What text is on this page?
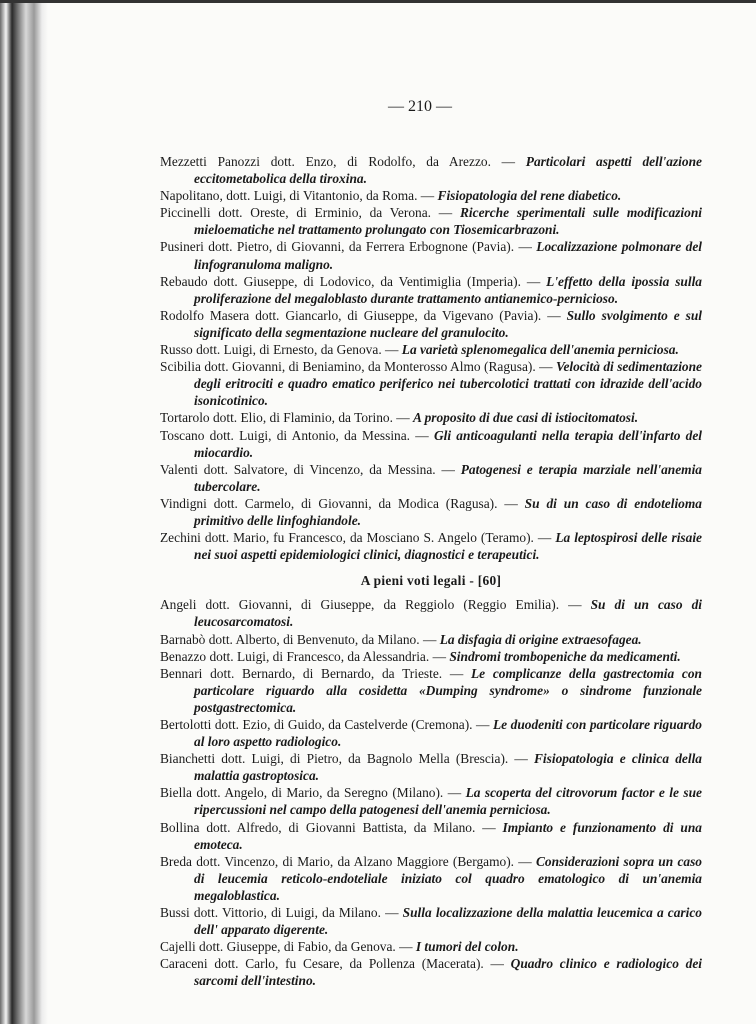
— 210 —
Mezzetti Panozzi dott. Enzo, di Rodolfo, da Arezzo. — Particolari aspetti dell'azione eccitometabolica della tiroxina.
Napolitano, dott. Luigi, di Vitantonio, da Roma. — Fisiopatologia del rene diabetico.
Piccinelli dott. Oreste, di Erminio, da Verona. — Ricerche sperimentali sulle modificazioni mieloematiche nel trattamento prolungato con Tiosemicarbrazoni.
Pusineri dott. Pietro, di Giovanni, da Ferrera Erbognone (Pavia). — Localizzazione polmonare del linfogranuloma maligno.
Rebaudo dott. Giuseppe, di Lodovico, da Ventimiglia (Imperia). — L'effetto della ipossia sulla proliferazione del megaloblasto durante trattamento antianemico-pernicioso.
Rodolfo Masera dott. Giancarlo, di Giuseppe, da Vigevano (Pavia). — Sullo svolgimento e sul significato della segmentazione nucleare del granulocito.
Russo dott. Luigi, di Ernesto, da Genova. — La varietà splenomegalica dell'anemia perniciosa.
Scibilia dott. Giovanni, di Beniamino, da Monterosso Almo (Ragusa). — Velocità di sedimentazione degli eritrociti e quadro ematico periferico nei tubercolotici trattati con idrazide dell'acido isonicotinico.
Tortarolo dott. Elio, di Flaminio, da Torino. — A proposito di due casi di istiocitomatosi.
Toscano dott. Luigi, di Antonio, da Messina. — Gli anticoagulanti nella terapia dell'infarto del miocardio.
Valenti dott. Salvatore, di Vincenzo, da Messina. — Patogenesi e terapia marziale nell'anemia tubercolare.
Vindigni dott. Carmelo, di Giovanni, da Modica (Ragusa). — Su di un caso di endotelioma primitivo delle linfoghiandole.
Zechini dott. Mario, fu Francesco, da Mosciano S. Angelo (Teramo). — La leptospirosi delle risaie nei suoi aspetti epidemiologici clinici, diagnostici e terapeutici.
A pieni voti legali - [60]
Angeli dott. Giovanni, di Giuseppe, da Reggiolo (Reggio Emilia). — Su di un caso di leucosarcomatosi.
Barnabò dott. Alberto, di Benvenuto, da Milano. — La disfagia di origine extraesofagea.
Benazzo dott. Luigi, di Francesco, da Alessandria. — Sindromi trombopeniche da medicamenti.
Bennari dott. Bernardo, di Bernardo, da Trieste. — Le complicanze della gastrectomia con particolare riguardo alla cosidetta «Dumping syndrome» o sindrome funzionale postgastrectomica.
Bertolotti dott. Ezio, di Guido, da Castelverde (Cremona). — Le duodeniti con particolare riguardo al loro aspetto radiologico.
Bianchetti dott. Luigi, di Pietro, da Bagnolo Mella (Brescia). — Fisiopatologia e clinica della malattia gastroptosica.
Biella dott. Angelo, di Mario, da Seregno (Milano). — La scoperta del citrovorum factor e le sue ripercussioni nel campo della patogenesi dell'anemia perniciosa.
Bollina dott. Alfredo, di Giovanni Battista, da Milano. — Impianto e funzionamento di una emoteca.
Breda dott. Vincenzo, di Mario, da Alzano Maggiore (Bergamo). — Considerazioni sopra un caso di leucemia reticolo-endoteliale iniziato col quadro ematologico di un'anemia megaloblastica.
Bussi dott. Vittorio, di Luigi, da Milano. — Sulla localizzazione della malattia leucemica a carico dell' apparato digerente.
Cajelli dott. Giuseppe, di Fabio, da Genova. — I tumori del colon.
Caraceni dott. Carlo, fu Cesare, da Pollenza (Macerata). — Quadro clinico e radiologico dei sarcomi dell'intestino.
